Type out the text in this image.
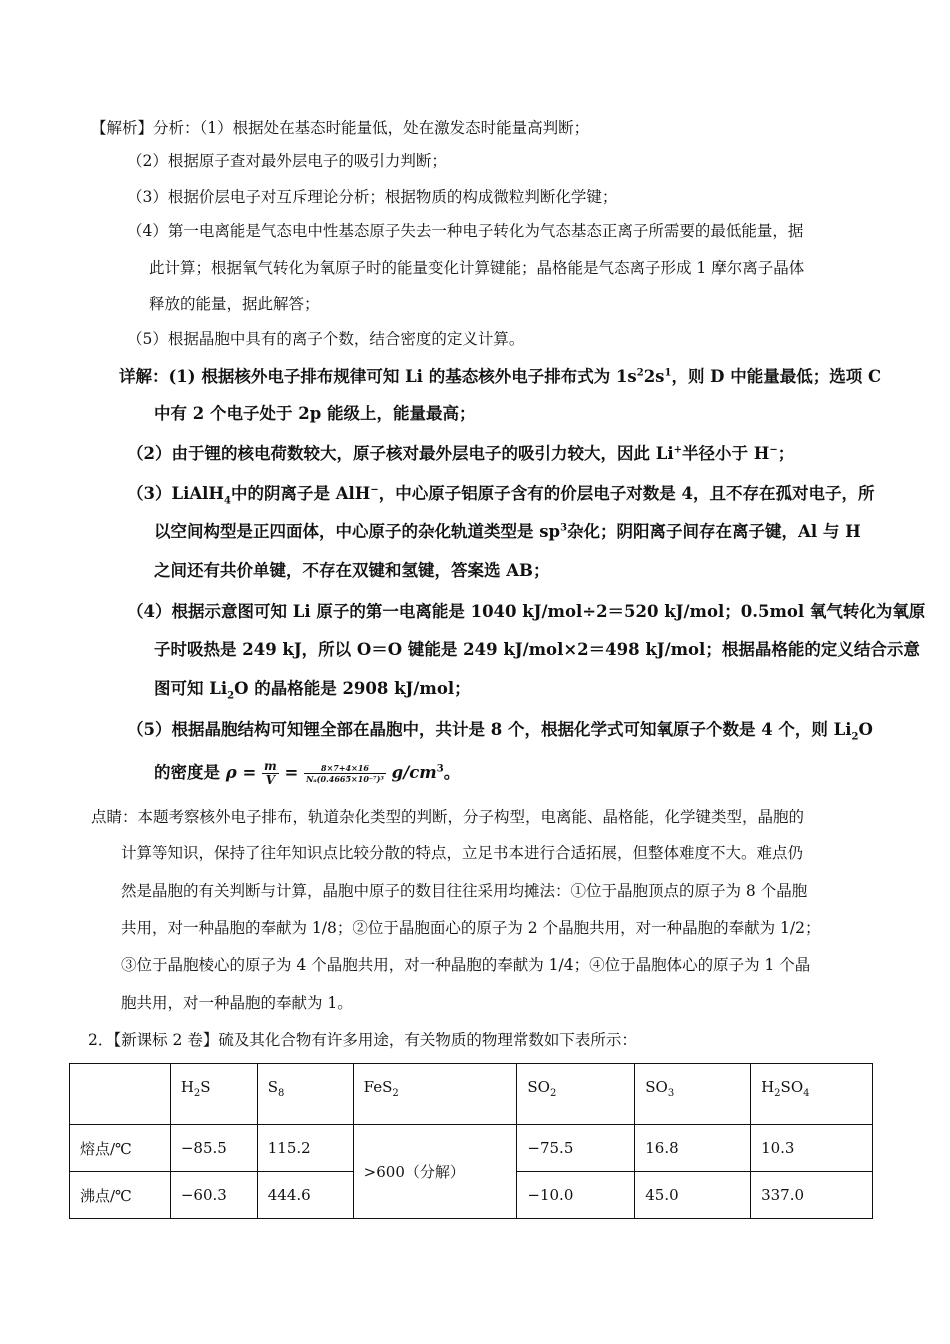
【解析】分析：（1）根据处在基态时能量低，处在激发态时能量高判断；
（2）根据原子查对最外层电子的吸引力判断；
（3）根据价层电子对互斥理论分析；根据物质的构成微粒判断化学键；
（4）第一电离能是气态电中性基态原子失去一种电子转化为气态基态正离子所需要的最低能量，据
此计算；根据氧气转化为氧原子时的能量变化计算键能；晶格能是气态离子形成 1 摩尔离子晶体
释放的能量，据此解答；
（5）根据晶胞中具有的离子个数，结合密度的定义计算。
详解：(1) 根据核外电子排布规律可知 Li 的基态核外电子排布式为 $1s^22s^1$，则 D 中能量最低；选项 C
中有 2 个电子处于 2p 能级上，能量最高；
（2）由于锂的核电荷数较大，原子核对最外层电子的吸引力较大，因此 Li+半径小于 H−；
（3）LiAlH$_4$中的阴离子是 AlH−，中心原子铝原子含有的价层电子对数是 4，且不存在孤对电子，所
以空间构型是正四面体，中心原子的杂化轨道类型是 $sp^3$杂化；阴阳离子间存在离子键，Al 与 H
之间还有共价单键，不存在双键和氢键，答案选 AB；
（4）根据示意图可知 Li 原子的第一电离能是 1040 kJ/mol÷2＝520 kJ/mol；0.5mol 氧气转化为氧原
子时吸热是 249 kJ，所以 O＝O 键能是 249 kJ/mol×2＝498 kJ/mol；根据晶格能的定义结合示意
图可知 $Li_2O$ 的晶格能是 2908 kJ/mol；
（5）根据晶胞结构可知锂全部在晶胞中，共计是 8 个，根据化学式可知氧原子个数是 4 个，则 $Li_2O$
的密度是 $\rho = \frac{m}{V} = \frac{8\times 7+4\times 16}{\text{Nₐ(0.4665×10⁻⁷)³}} g/cm^3$。
点睛：本题考察核外电子排布，轨道杂化类型的判断，分子构型，电离能、晶格能，化学键类型，晶胞的
计算等知识，保持了往年知识点比较分散的特点，立足书本进行合适拓展，但整体难度不大。难点仍
然是晶胞的有关判断与计算，晶胞中原子的数目往往采用均摊法：①位于晶胞顶点的原子为 8 个晶胞
共用，对一种晶胞的奉献为 1/8；②位于晶胞面心的原子为 2 个晶胞共用，对一种晶胞的奉献为 1/2；
③位于晶胞棱心的原子为 4 个晶胞共用，对一种晶胞的奉献为 1/4；④位于晶胞体心的原子为 1 个晶
胞共用，对一种晶胞的奉献为 1。
2．【新课标 2 卷】硫及其化合物有许多用途，有关物质的物理常数如下表所示：
	$H_2S$	$S_8$	FeS$_2$	$SO_2$	$SO_3$	$H_2SO_4$
熔点/℃	−85.5	115.2	>600（分解）	−75.5	16.8	10.3
沸点/℃	−60.3	444.6		−10.0	45.0	337.0
